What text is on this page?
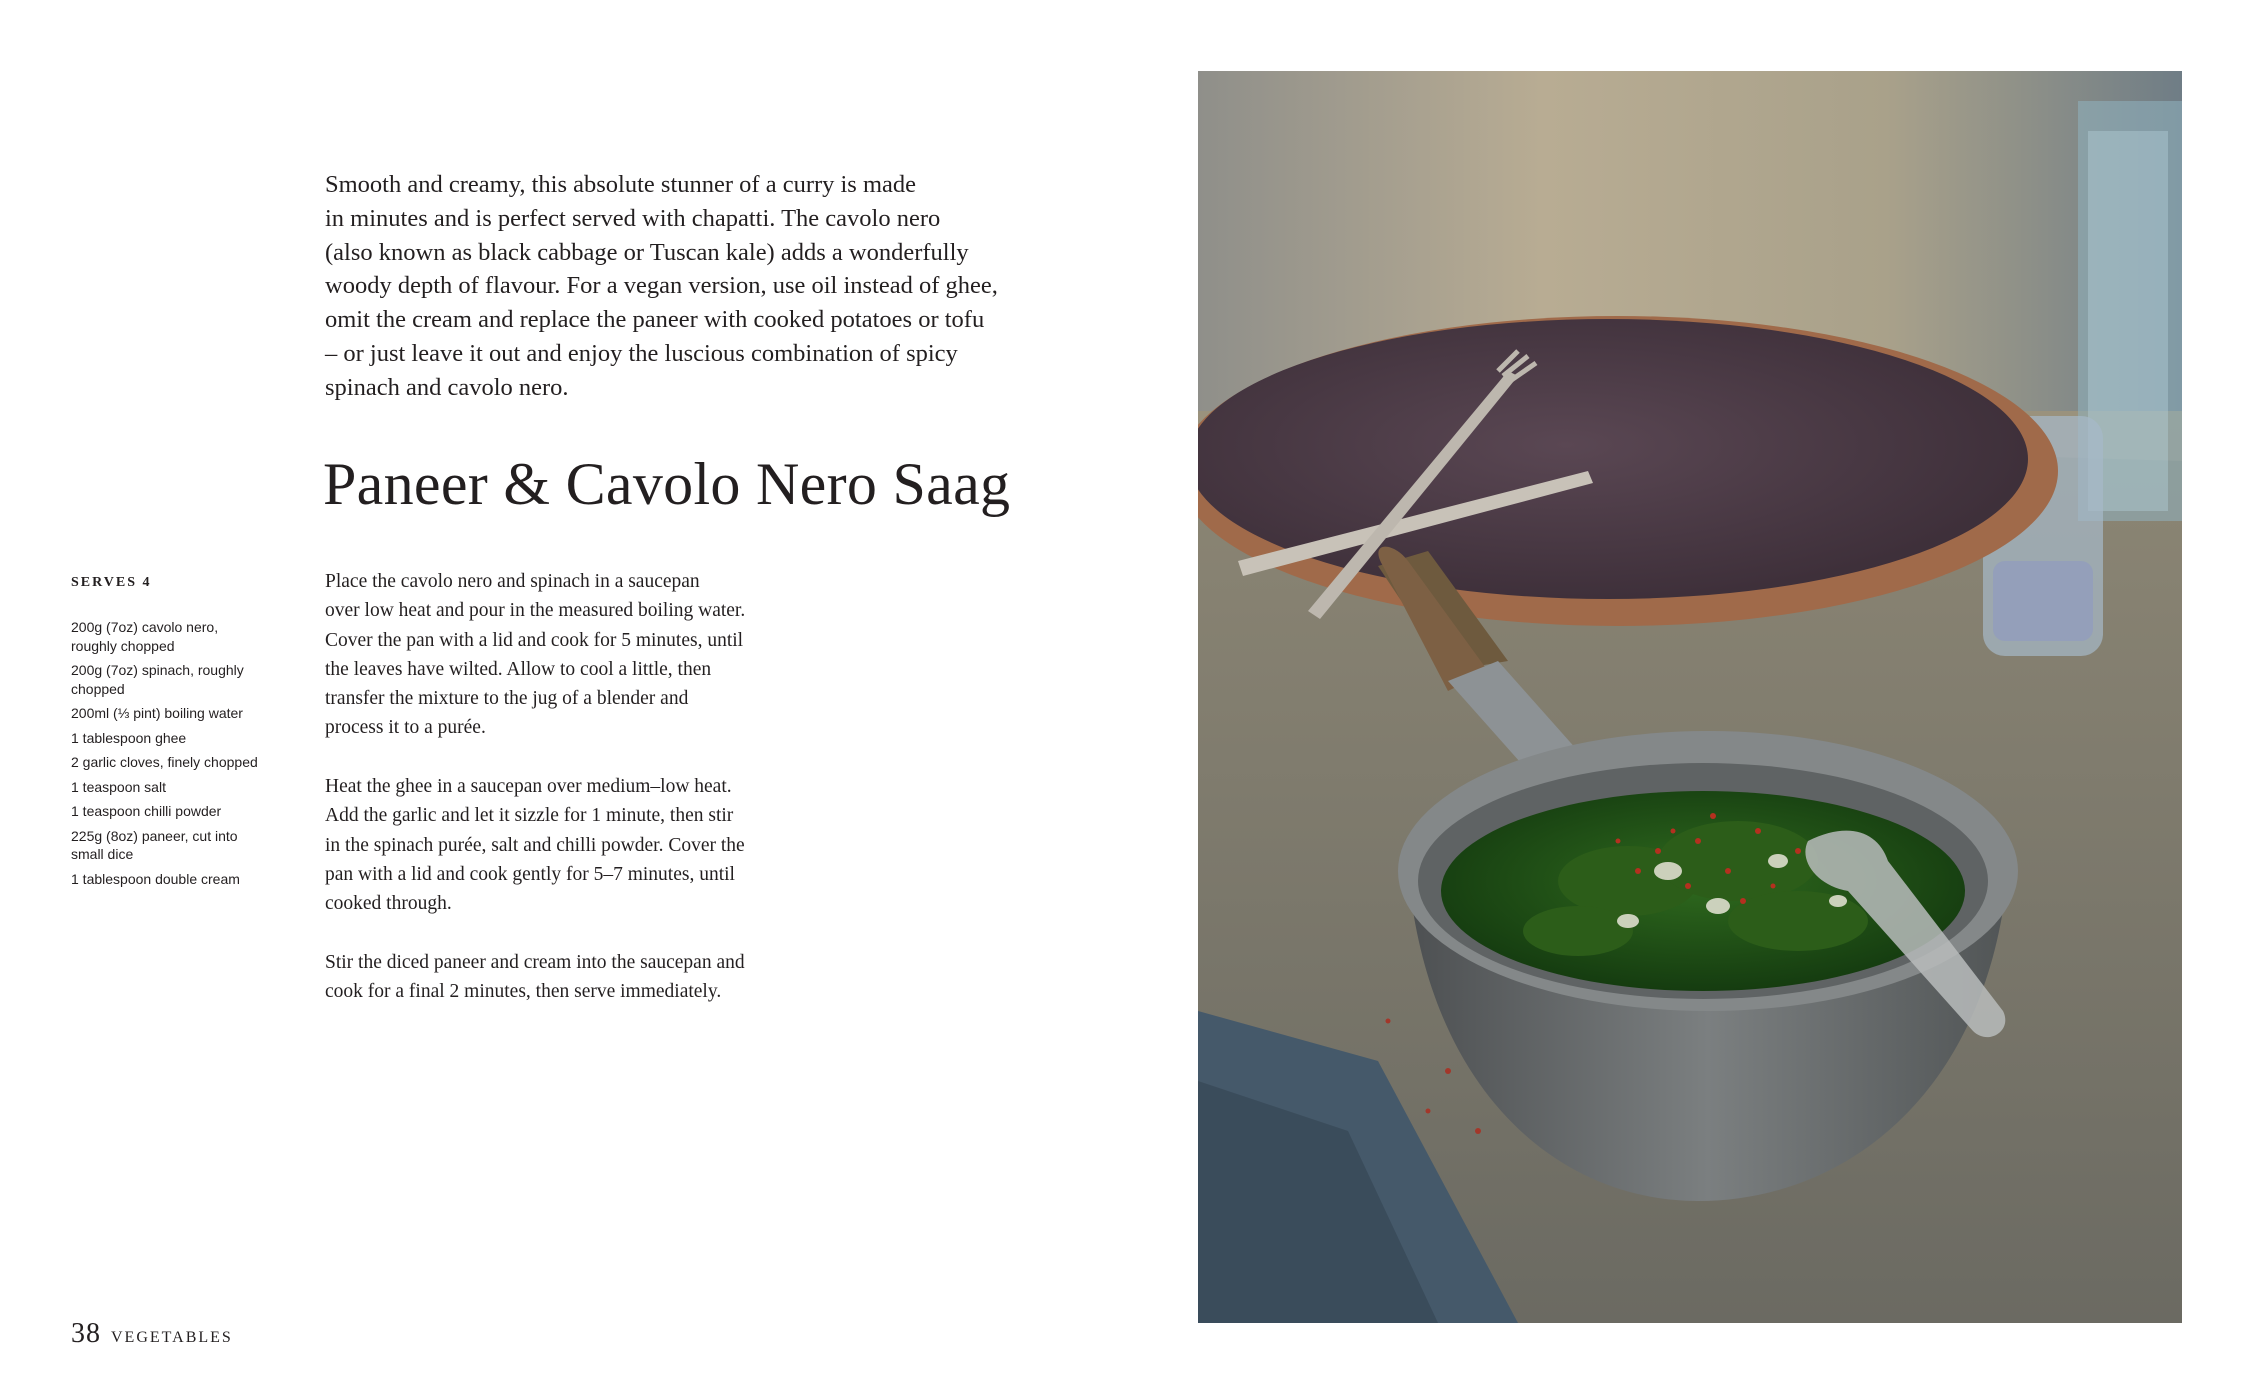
Smooth and creamy, this absolute stunner of a curry is made
in minutes and is perfect served with chapatti. The cavolo nero
(also known as black cabbage or Tuscan kale) adds a wonderfully
woody depth of flavour. For a vegan version, use oil instead of ghee,
omit the cream and replace the paneer with cooked potatoes or tofu
– or just leave it out and enjoy the luscious combination of spicy
spinach and cavolo nero.
Paneer & Cavolo Nero Saag
SERVES 4
200g (7oz) cavolo nero,
roughly chopped
200g (7oz) spinach, roughly
chopped
200ml (⅓ pint) boiling water
1 tablespoon ghee
2 garlic cloves, finely chopped
1 teaspoon salt
1 teaspoon chilli powder
225g (8oz) paneer, cut into
small dice
1 tablespoon double cream

Place the cavolo nero and spinach in a saucepan
over low heat and pour in the measured boiling water.
Cover the pan with a lid and cook for 5 minutes, until
the leaves have wilted. Allow to cool a little, then
transfer the mixture to the jug of a blender and
process it to a purée.

Heat the ghee in a saucepan over medium–low heat.
Add the garlic and let it sizzle for 1 minute, then stir
in the spinach purée, salt and chilli powder. Cover the
pan with a lid and cook gently for 5–7 minutes, until
cooked through.

Stir the diced paneer and cream into the saucepan and
cook for a final 2 minutes, then serve immediately.

38 VEGETABLES
